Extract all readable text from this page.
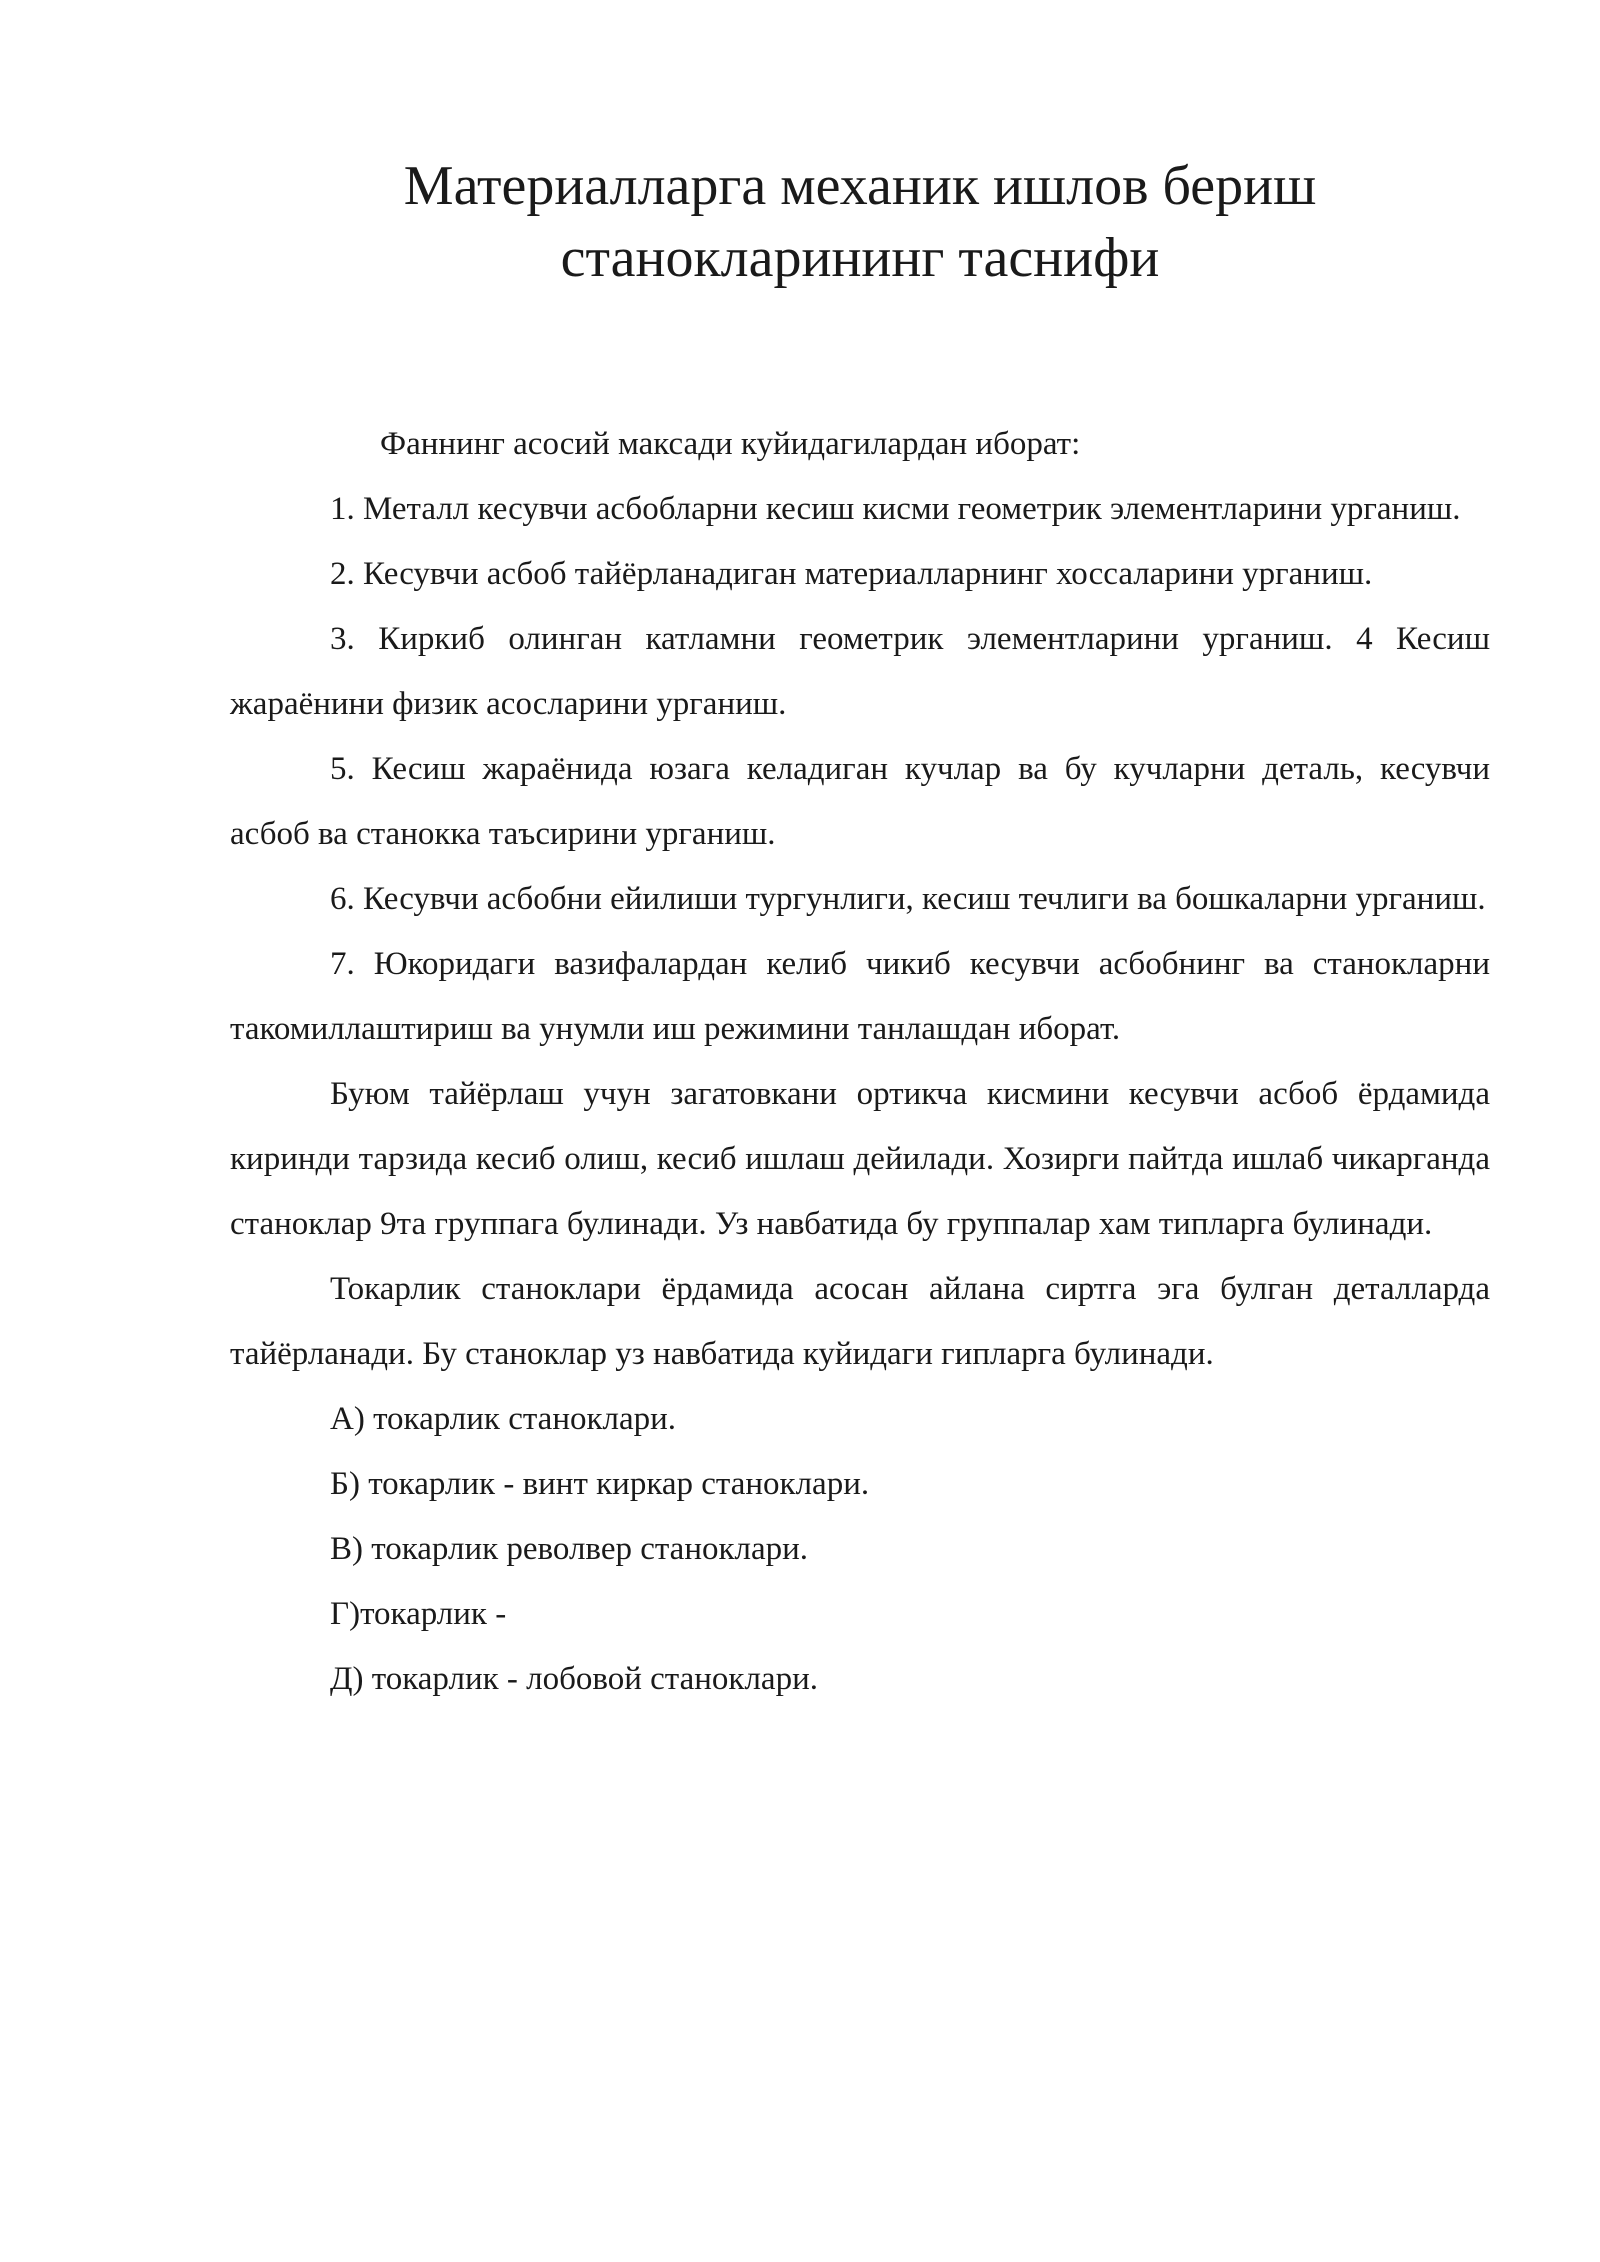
Материалларга механик ишлов бериш
станокларининг таснифи

Фаннинг асосий максади куйидагилардан иборат:

1. Металл кесувчи асбобларни кесиш кисми геометрик элементларини урганиш.

2. Кесувчи асбоб тайёрланадиган материалларнинг хоссаларини урганиш.

3. Киркиб олинган катламни геометрик элементларини урганиш. 4 Кесиш жараёнини физик асосларини урганиш.

5. Кесиш жараёнида юзага келадиган кучлар ва бу кучларни деталь, кесувчи асбоб ва станокка таъсирини урганиш.

6. Кесувчи асбобни ейилиши тургунлиги, кесиш течлиги ва бошкаларни урганиш.

7. Юкоридаги вазифалардан келиб чикиб кесувчи асбобнинг ва станокларни такомиллаштириш ва унумли иш режимини танлашдан иборат.

Буюм тайёрлаш учун загатовкани ортикча кисмини кесувчи асбоб ёрдамида киринди тарзида кесиб олиш, кесиб ишлаш дейилади. Хозирги пайтда ишлаб чикарганда станоклар 9та группага булинади. Уз навбатида бу группалар хам типларга булинади.

Токарлик станоклари ёрдамида асосан айлана сиртга эга булган деталларда тайёрланади. Бу станоклар уз навбатида куйидаги гипларга булинади.

А) токарлик станоклари.

Б) токарлик - винт киркар станоклари.

В) токарлик револвер станоклари.

Г)токарлик -

Д) токарлик - лобовой станоклари.
